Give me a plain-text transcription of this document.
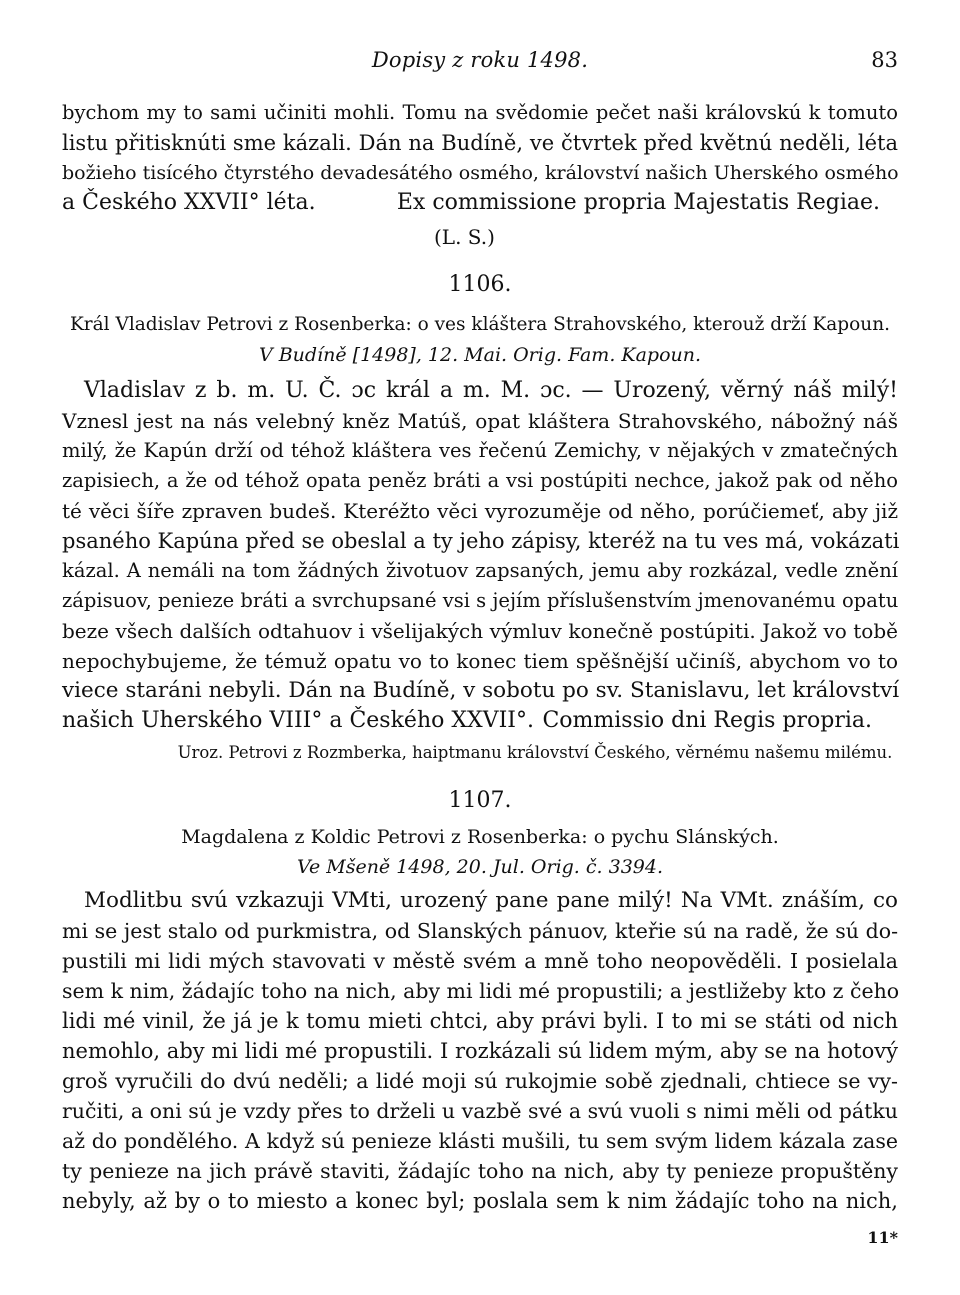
Dopisy z roku 1498.	83
bychom my to sami učiniti mohli. Tomu na svědomie pečet naši královskú k tomuto
listu přitisknúti sme kázali. Dán na Budíně, ve čtvrtek před květnú neděli, léta
božieho tisícého čtyrstého devadesátého osmého, království našich Uherského osmého
a Českého XXVII° léta.	Ex commissione propria Majestatis Regiae.
(L. S.)
1106.
Král Vladislav Petrovi z Rosenberka: o ves kláštera Strahovského, kterouž drží Kapoun.
V Budíně [1498], 12. Mai. Orig. Fam. Kapoun.
Vladislav z b. m. U. Č. ɔc král a m. M. ɔc. — Urozený, věrný náš milý!
Vznesl jest na nás velebný kněz Matúš, opat kláštera Strahovského, nábožný náš
milý, že Kapún drží od téhož kláštera ves řečenú Zemichy, v nějakých v zmatečných
zapisiech, a že od téhož opata peněz bráti a vsi postúpiti nechce, jakož pak od něho
té věci šíře zpraven budeš. Kteréžto věci vyrozuměje od něho, porúčiemeť, aby již
psaného Kapúna před se obeslal a ty jeho zápisy, kteréž na tu ves má, vokázati
kázal. A nemáli na tom žádných životuov zapsaných, jemu aby rozkázal, vedle znění
zápisuov, penieze bráti a svrchupsané vsi s jejím příslušenstvím jmenovanému opatu
beze všech dalších odtahuov i všelijakých výmluv konečně postúpiti. Jakož vo tobě
nepochybujeme, že témuž opatu vo to konec tiem spěšnější učiníš, abychom vo to
viece staráni nebyli. Dán na Budíně, v sobotu po sv. Stanislavu, let království
našich Uherského VIII° a Českého XXVII°. Commissio dni Regis propria.
Uroz. Petrovi z Rozmberka, haiptmanu království Českého, věrnému našemu milému.
1107.
Magdalena z Koldic Petrovi z Rosenberka: o pychu Slánských.
Ve Mšeně 1498, 20. Jul. Orig. č. 3394.
Modlitbu svú vzkazuji VMti, urozený pane pane milý! Na VMt. znáším, co
mi se jest stalo od purkmistra, od Slanských pánuov, kteřie sú na radě, že sú do-
pustili mi lidi mých stavovati v městě svém a mně toho neopověděli. I posielala
sem k nim, žádajíc toho na nich, aby mi lidi mé propustili; a jestližeby kto z čeho
lidi mé vinil, že já je k tomu mieti chtci, aby právi byli. I to mi se státi od nich
nemohlo, aby mi lidi mé propustili. I rozkázali sú lidem mým, aby se na hotový
groš vyručili do dvú neděli; a lidé moji sú rukojmie sobě zjednali, chtiece se vy-
ručiti, a oni sú je vzdy přes to drželi u vazbě své a svú vuoli s nimi měli od pátku
až do pondělého. A když sú penieze klásti mušili, tu sem svým lidem kázala zase
ty penieze na jich právě staviti, žádajíc toho na nich, aby ty penieze propuštěny
nebyly, až by o to miesto a konec byl; poslala sem k nim žádajíc toho na nich,
11*
